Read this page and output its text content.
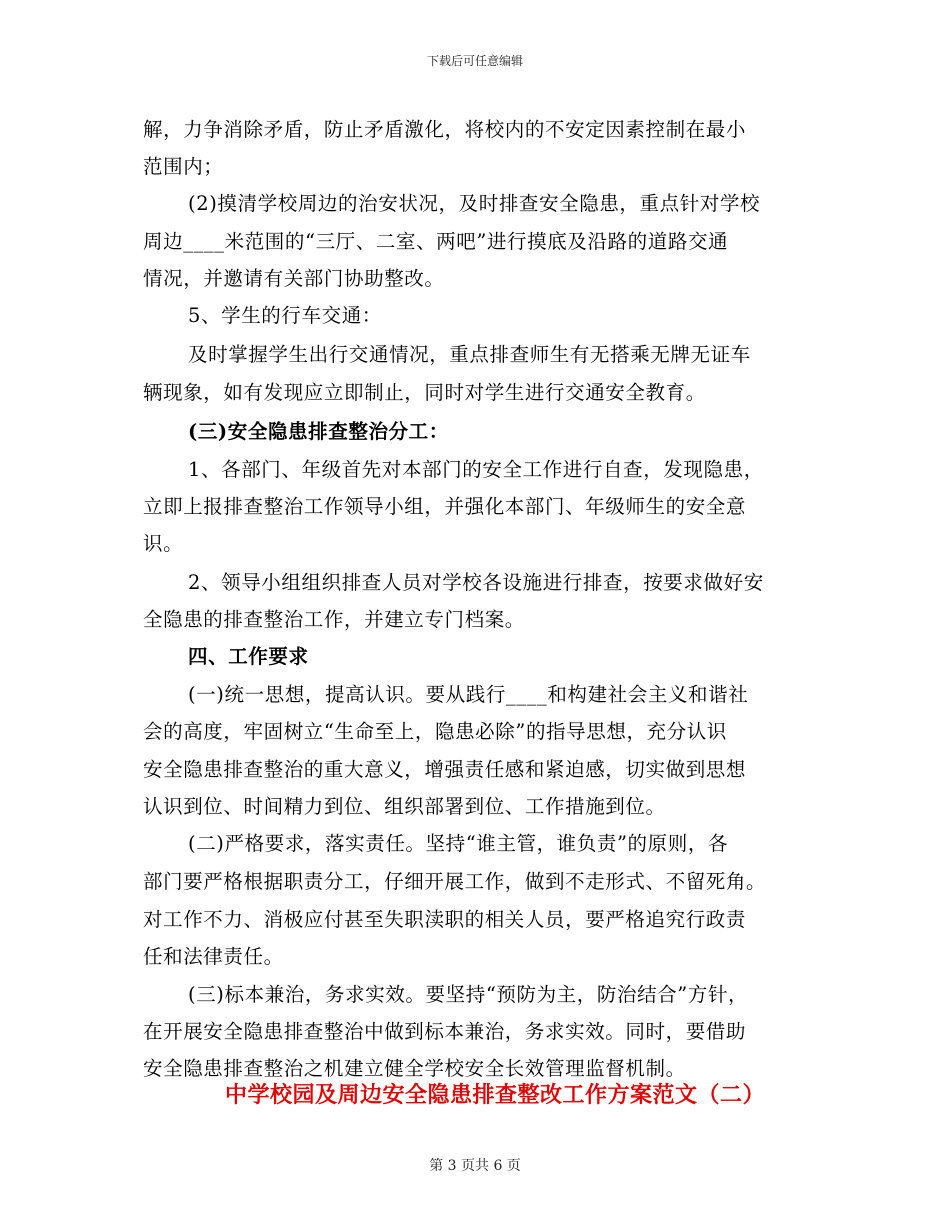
下载后可任意编辑
解，力争消除矛盾，防止矛盾激化，将校内的不安定因素控制在最小
范围内；
(2)摸清学校周边的治安状况，及时排查安全隐患，重点针对学校
周边____米范围的“三厅、二室、两吧”进行摸底及沿路的道路交通
情况，并邀请有关部门协助整改。
5、学生的行车交通：
及时掌握学生出行交通情况，重点排查师生有无搭乘无牌无证车
辆现象，如有发现应立即制止，同时对学生进行交通安全教育。
(三)安全隐患排查整治分工：
1、各部门、年级首先对本部门的安全工作进行自查，发现隐患，
立即上报排查整治工作领导小组，并强化本部门、年级师生的安全意
识。
2、领导小组组织排查人员对学校各设施进行排查，按要求做好安
全隐患的排查整治工作，并建立专门档案。
四、工作要求
(一)统一思想，提高认识。要从践行____和构建社会主义和谐社
会的高度，牢固树立“生命至上，隐患必除”的指导思想，充分认识
安全隐患排查整治的重大意义，增强责任感和紧迫感，切实做到思想
认识到位、时间精力到位、组织部署到位、工作措施到位。
(二)严格要求，落实责任。坚持“谁主管，谁负责”的原则，各
部门要严格根据职责分工，仔细开展工作，做到不走形式、不留死角。
对工作不力、消极应付甚至失职渎职的相关人员，要严格追究行政责
任和法律责任。
(三)标本兼治，务求实效。要坚持“预防为主，防治结合”方针，
在开展安全隐患排查整治中做到标本兼治，务求实效。同时，要借助
安全隐患排查整治之机建立健全学校安全长效管理监督机制。
中学校园及周边安全隐患排查整改工作方案范文（二）
第 3 页共 6 页
